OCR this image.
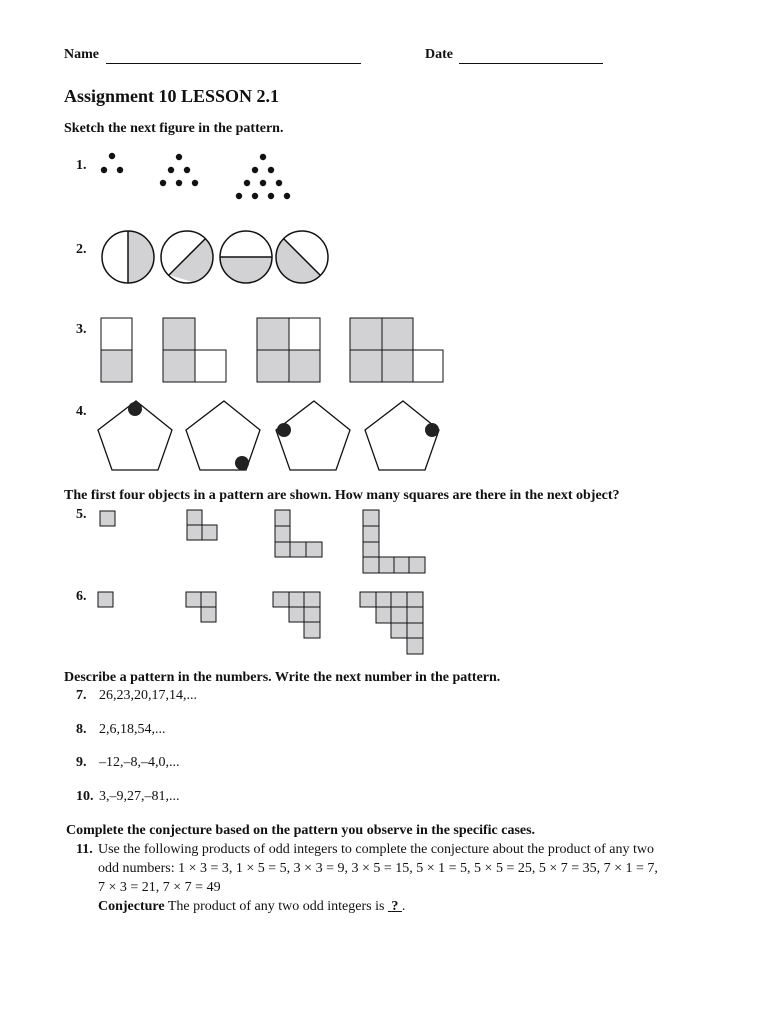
Name	Date
Assignment 10 LESSON 2.1
Sketch the next figure in the pattern.
1.
2.
3.
4.
The first four objects in a pattern are shown. How many squares are there in the next object?
5.
6.
Describe a pattern in the numbers. Write the next number in the pattern.
7. 26,23,20,17,14,...
8. 2,6,18,54,...
9. –12,–8,–4,0,...
10. 3,–9,27,–81,...
Complete the conjecture based on the pattern you observe in the specific cases.
11. Use the following products of odd integers to complete the conjecture about the product of any two
odd numbers: 1 × 3 = 3, 1 × 5 = 5, 3 × 3 = 9, 3 × 5 = 15, 5 × 1 = 5, 5 × 5 = 25, 5 × 7 = 35, 7 × 1 = 7,
7 × 3 = 21, 7 × 7 = 49
Conjecture The product of any two odd integers is ? .
